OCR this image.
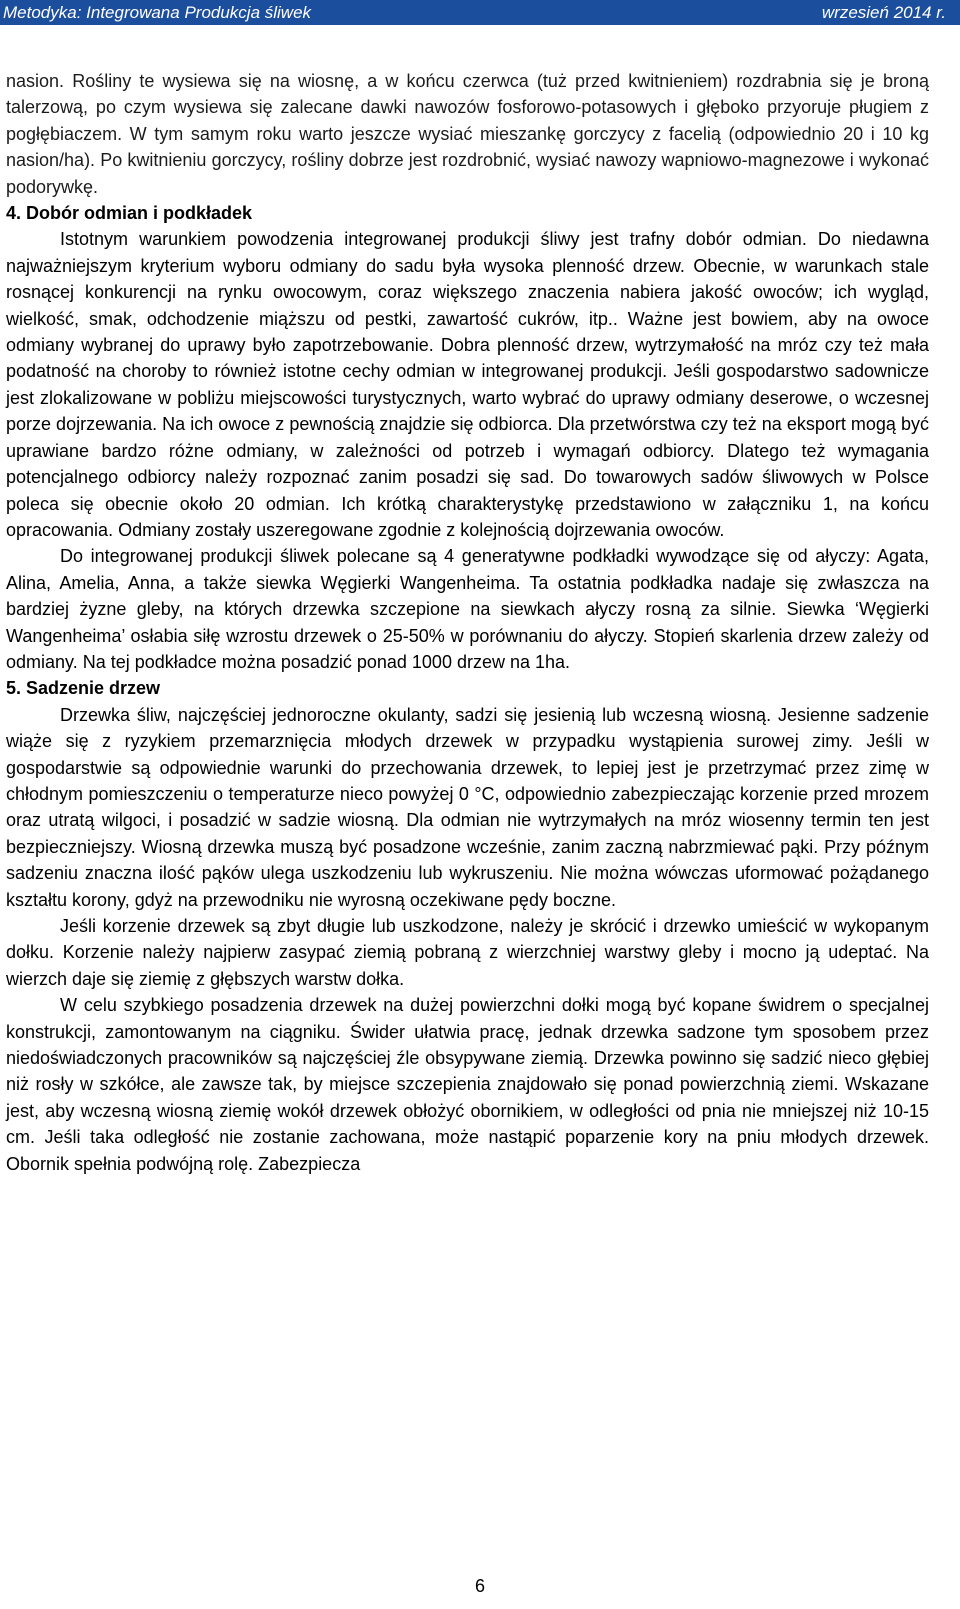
Metodyka: Integrowana Produkcja śliwek	wrzesień 2014 r.

nasion. Rośliny te wysiewa się na wiosnę, a w końcu czerwca (tuż przed kwitnieniem) rozdrabnia się je broną talerzową, po czym wysiewa się zalecane dawki nawozów fosforowo-potasowych i głęboko przyoruje pługiem z pogłębiaczem. W tym samym roku warto jeszcze wysiać mieszankę gorczycy z facelią (odpowiednio 20 i 10 kg nasion/ha). Po kwitnieniu gorczycy, rośliny dobrze jest rozdrobnić, wysiać nawozy wapniowo-magnezowe i wykonać podorywkę.

4. Dobór odmian i podkładek

Istotnym warunkiem powodzenia integrowanej produkcji śliwy jest trafny dobór odmian. Do niedawna najważniejszym kryterium wyboru odmiany do sadu była wysoka plenność drzew. Obecnie, w warunkach stale rosnącej konkurencji na rynku owocowym, coraz większego znaczenia nabiera jakość owoców; ich wygląd, wielkość, smak, odchodzenie miąższu od pestki, zawartość cukrów, itp.. Ważne jest bowiem, aby na owoce odmiany wybranej do uprawy było zapotrzebowanie. Dobra plenność drzew, wytrzymałość na mróz czy też mała podatność na choroby to również istotne cechy odmian w integrowanej produkcji. Jeśli gospodarstwo sadownicze jest zlokalizowane w pobliżu miejscowości turystycznych, warto wybrać do uprawy odmiany deserowe, o wczesnej porze dojrzewania. Na ich owoce z pewnością znajdzie się odbiorca. Dla przetwórstwa czy też na eksport mogą być uprawiane bardzo różne odmiany, w zależności od potrzeb i wymagań odbiorcy. Dlatego też wymagania potencjalnego odbiorcy należy rozpoznać zanim posadzi się sad. Do towarowych sadów śliwowych w Polsce poleca się obecnie około 20 odmian. Ich krótką charakterystykę przedstawiono w załączniku 1, na końcu opracowania. Odmiany zostały uszeregowane zgodnie z kolejnością dojrzewania owoców.

Do integrowanej produkcji śliwek polecane są 4 generatywne podkładki wywodzące się od ałyczy: Agata, Alina, Amelia, Anna, a także siewka Węgierki Wangenheima. Ta ostatnia podkładka nadaje się zwłaszcza na bardziej żyzne gleby, na których drzewka szczepione na siewkach ałyczy rosną za silnie. Siewka ‘Węgierki Wangenheima’ osłabia siłę wzrostu drzewek o 25-50% w porównaniu do ałyczy. Stopień skarlenia drzew zależy od odmiany. Na tej podkładce można posadzić ponad 1000 drzew na 1ha.

5. Sadzenie drzew

Drzewka śliw, najczęściej jednoroczne okulanty, sadzi się jesienią lub wczesną wiosną. Jesienne sadzenie wiąże się z ryzykiem przemarznięcia młodych drzewek w przypadku wystąpienia surowej zimy. Jeśli w gospodarstwie są odpowiednie warunki do przechowania drzewek, to lepiej jest je przetrzymać przez zimę w chłodnym pomieszczeniu o temperaturze nieco powyżej 0 °C, odpowiednio zabezpieczając korzenie przed mrozem oraz utratą wilgoci, i posadzić w sadzie wiosną. Dla odmian nie wytrzymałych na mróz wiosenny termin ten jest bezpieczniejszy. Wiosną drzewka muszą być posadzone wcześnie, zanim zaczną nabrzmiewać pąki. Przy późnym sadzeniu znaczna ilość pąków ulega uszkodzeniu lub wykruszeniu. Nie można wówczas uformować pożądanego kształtu korony, gdyż na przewodniku nie wyrosną oczekiwane pędy boczne.

Jeśli korzenie drzewek są zbyt długie lub uszkodzone, należy je skrócić i drzewko umieścić w wykopanym dołku. Korzenie należy najpierw zasypać ziemią pobraną z wierzchniej warstwy gleby i mocno ją udeptać. Na wierzch daje się ziemię z głębszych warstw dołka.

W celu szybkiego posadzenia drzewek na dużej powierzchni dołki mogą być kopane świdrem o specjalnej konstrukcji, zamontowanym na ciągniku. Świder ułatwia pracę, jednak drzewka sadzone tym sposobem przez niedoświadczonych pracowników są najczęściej źle obsypywane ziemią. Drzewka powinno się sadzić nieco głębiej niż rosły w szkółce, ale zawsze tak, by miejsce szczepienia znajdowało się ponad powierzchnią ziemi. Wskazane jest, aby wczesną wiosną ziemię wokół drzewek obłożyć obornikiem, w odległości od pnia nie mniejszej niż 10-15 cm. Jeśli taka odległość nie zostanie zachowana, może nastąpić poparzenie kory na pniu młodych drzewek. Obornik spełnia podwójną rolę. Zabezpiecza

6
